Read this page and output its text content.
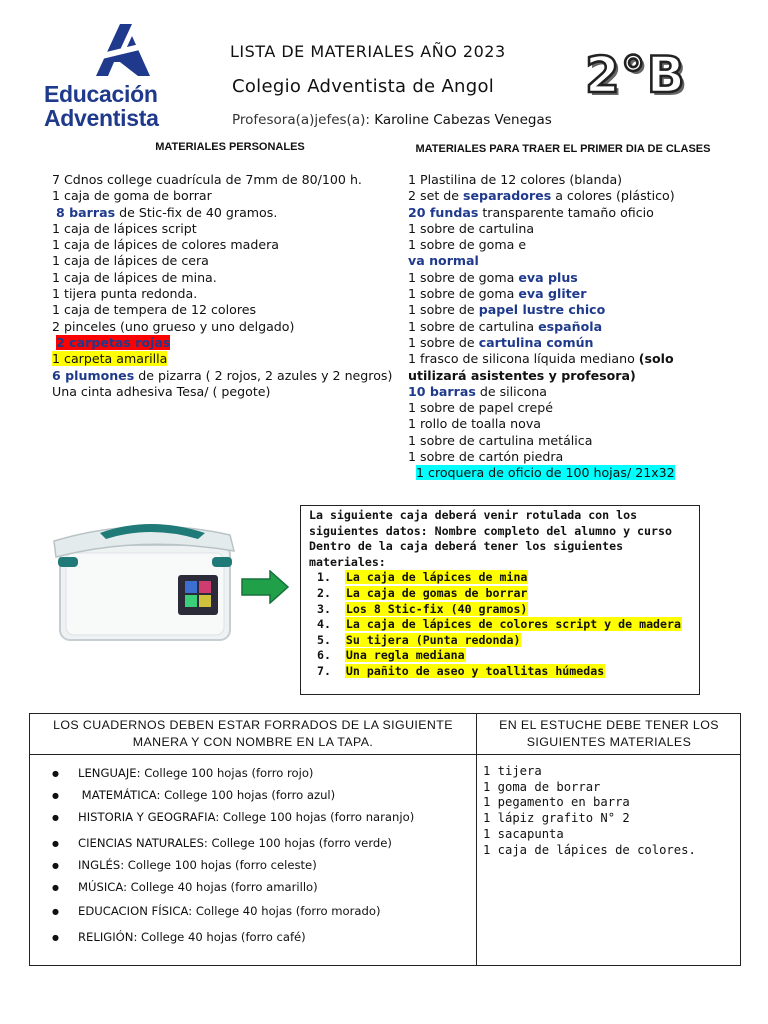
Educación
Adventista
LISTA DE MATERIALES AÑO 2023
Colegio Adventista de Angol
Profesora(a)jefes(a): Karoline Cabezas Venegas
2°B
MATERIALES PERSONALES	MATERIALES PARA TRAER EL PRIMER DIA DE CLASES
7 Cdnos college cuadrícula de 7mm de 80/100 h.
1 caja de goma de borrar
8 barras de Stic-fix de 40 gramos.
1 caja de lápices script
1 caja de lápices de colores madera
1 caja de lápices de cera
1 caja de lápices de mina.
1 tijera punta redonda.
1 caja de tempera de 12 colores
2 pinceles (uno grueso y uno delgado)
2 carpetas rojas
1 carpeta amarilla
6 plumones de pizarra ( 2 rojos, 2 azules y 2 negros)
Una cinta adhesiva Tesa/ ( pegote)
1 Plastilina de 12 colores (blanda)
2 set de separadores a colores (plástico)
20 fundas transparente tamaño oficio
1 sobre de cartulina
1 sobre de goma e
va normal
1 sobre de goma eva plus
1 sobre de goma eva gliter
1 sobre de papel lustre chico
1 sobre de cartulina española
1 sobre de cartulina común
1 frasco de silicona líquida mediano (solo utilizará asistentes y profesora)
10 barras de silicona
1 sobre de papel crepé
1 rollo de toalla nova
1 sobre de cartulina metálica
1 sobre de cartón piedra
1 croquera de oficio de 100 hojas/ 21x32
La siguiente caja deberá venir rotulada con los siguientes datos: Nombre completo del alumno y curso
Dentro de la caja deberá tener los siguientes materiales:
1.  La caja de lápices de mina
2.  La caja de gomas de borrar
3.  Los 8 Stic-fix (40 gramos)
4.  La caja de lápices de colores script y de madera
5.  Su tijera (Punta redonda)
6.  Una regla mediana
7.  Un pañito de aseo y toallitas húmedas
LOS CUADERNOS DEBEN ESTAR FORRADOS DE LA SIGUIENTE MANERA Y CON NOMBRE EN LA TAPA.
EN EL ESTUCHE DEBE TENER LOS SIGUIENTES MATERIALES
● LENGUAJE: College 100 hojas (forro rojo)
● MATEMÁTICA: College 100 hojas (forro azul)
● HISTORIA Y GEOGRAFIA: College 100 hojas (forro naranjo)
● CIENCIAS NATURALES: College 100 hojas (forro verde)
● INGLÉS: College 100 hojas (forro celeste)
● MÚSICA: College 40 hojas (forro amarillo)
● EDUCACION FÍSICA: College 40 hojas (forro morado)
● RELIGIÓN: College 40 hojas (forro café)
1 tijera
1 goma de borrar
1 pegamento en barra
1 lápiz grafito N° 2
1 sacapunta
1 caja de lápices de colores.
